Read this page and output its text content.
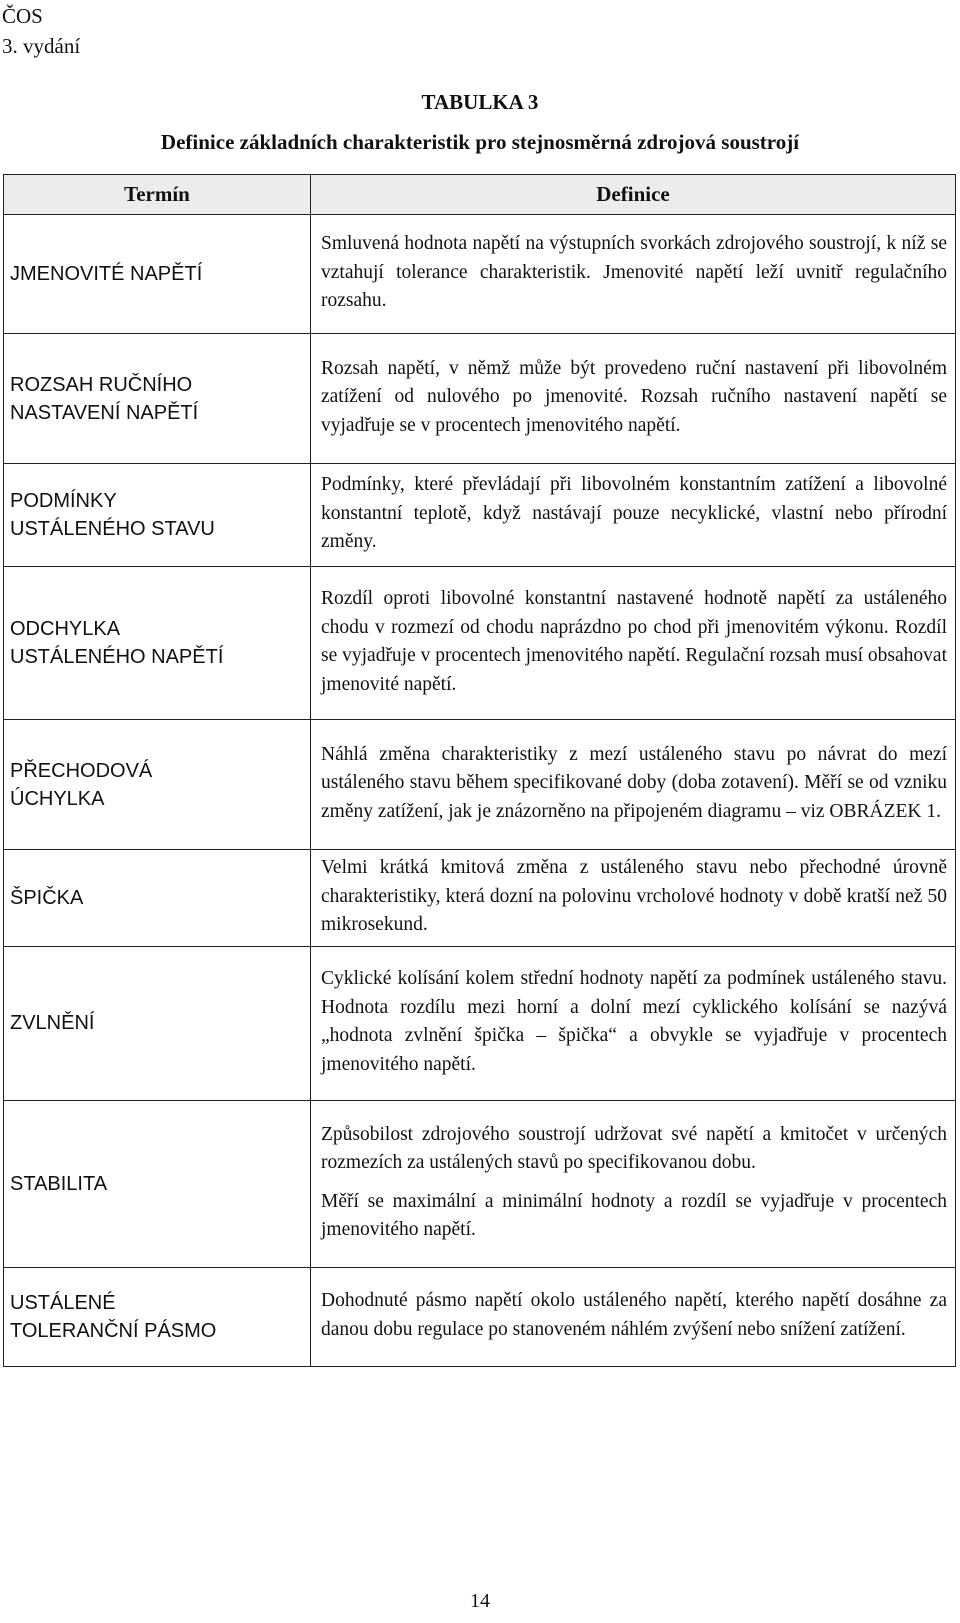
ČOS
3. vydání
TABULKA 3
Definice základních charakteristik pro stejnosměrná zdrojová soustrojí
Termín	Definice

JMENOVITÉ NAPĚTÍ	Smluvená hodnota napětí na výstupních svorkách zdrojového soustrojí, k níž se vztahují tolerance charakteristik. Jmenovité napětí leží uvnitř regulačního rozsahu.

ROZSAH RUČNÍHO
NASTAVENÍ NAPĚTÍ	Rozsah napětí, v němž může být provedeno ruční nastavení při libovolném zatížení od nulového po jmenovité. Rozsah ručního nastavení napětí se vyjadřuje se v procentech jmenovitého napětí.

PODMÍNKY
USTÁLENÉHO STAVU	Podmínky, které převládají při libovolném konstantním zatížení a libovolné konstantní teplotě, když nastávají pouze necyklické, vlastní nebo přírodní změny.

ODCHYLKA
USTÁLENÉHO NAPĚTÍ	Rozdíl oproti libovolné konstantní nastavené hodnotě napětí za ustáleného chodu v rozmezí od chodu naprázdno po chod při jmenovitém výkonu. Rozdíl se vyjadřuje v procentech jmenovitého napětí. Regulační rozsah musí obsahovat jmenovité napětí.

PŘECHODOVÁ
ÚCHYLKA	Náhlá změna charakteristiky z mezí ustáleného stavu po návrat do mezí ustáleného stavu během specifikované doby (doba zotavení). Měří se od vzniku změny zatížení, jak je znázorněno na připojeném diagramu – viz OBRÁZEK 1.

ŠPIČKA	Velmi krátká kmitová změna z ustáleného stavu nebo přechodné úrovně charakteristiky, která dozní na polovinu vrcholové hodnoty v době kratší než 50 mikrosekund.

ZVLNĚNÍ	Cyklické kolísání kolem střední hodnoty napětí za podmínek ustáleného stavu. Hodnota rozdílu mezi horní a dolní mezí cyklického kolísání se nazývá „hodnota zvlnění špička – špička“ a obvykle se vyjadřuje v procentech jmenovitého napětí.

STABILITA	Způsobilost zdrojového soustrojí udržovat své napětí a kmitočet v určených rozmezích za ustálených stavů po specifikovanou dobu.

Měří se maximální a minimální hodnoty a rozdíl se vyjadřuje v procentech jmenovitého napětí.

USTÁLENÉ
TOLERANČNÍ PÁSMO	Dohodnuté pásmo napětí okolo ustáleného napětí, kterého napětí dosáhne za danou dobu regulace po stanoveném náhlém zvýšení nebo snížení zatížení.

14
